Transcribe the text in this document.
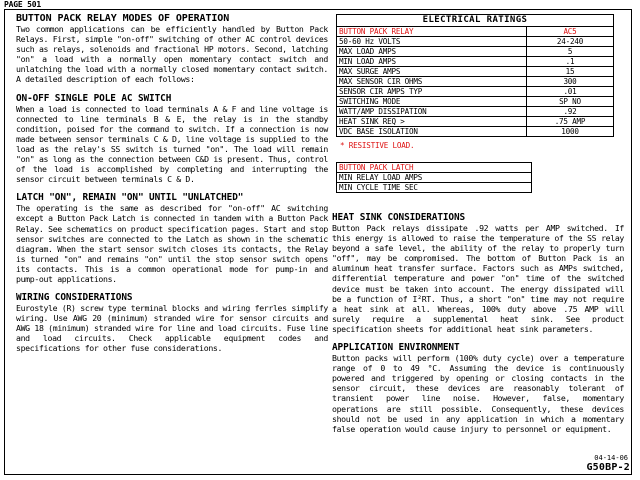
PAGE 501

BUTTON PACK RELAY MODES OF OPERATION

Two common applications can be efficiently handled by Button Pack Relays. First, simple "on-off" switching of other AC control devices such as relays, solenoids and fractional HP motors. Second, latching "on" a load with a normally open momentary contact switch and unlatching the load with a normally closed momentary contact switch. A detailed description of each follows:

ON-OFF SINGLE POLE AC SWITCH

When a load is connected to load terminals A & F and line voltage is connected to line terminals B & E, the relay is in the standby condition, poised for the command to switch. If a connection is now made between sensor terminals C & D, line voltage is supplied to the load as the relay's SS switch is turned "on". The load will remain "on" as long as the connection between C&D is present. Thus, control of the load is accomplished by completing and interrupting the sensor circuit between terminals C & D.

LATCH "ON", REMAIN "ON" UNTIL "UNLATCHED"

The operating is the same as described for "on-off" AC switching except a Button Pack Latch is connected in tandem with a Button Pack Relay. See schematics on product specification pages. Start and stop sensor switches are connected to the Latch as shown in the schematic diagram. When the start sensor switch closes its contacts, the Relay is turned "on" and remains "on" until the stop sensor switch opens its contacts. This is a common operational mode for pump-in and pump-out applications.

WIRING CONSIDERATIONS

Eurostyle (R) screw type terminal blocks and wiring ferrles simplify wiring. Use AWG 20 (minimum) stranded wire for sensor circuits and AWG 18 (minimum) stranded wire for line and load circuits. Fuse line and load circuits. Check applicable equipment codes and specifications for other fuse considerations.

ELECTRICAL RATINGS	
BUTTON PACK RELAY	AC5
50-60 Hz VOLTS	24-240
MAX LOAD AMPS	5
MIN LOAD AMPS	.1
MAX SURGE AMPS	15
MAX SENSOR CIR OHMS	300
SENSOR CIR AMPS TYP	.01
SWITCHING MODE	SP NO
WATT/AMP DISSIPATION	.92
HEAT SINK REQ >	.75 AMP
VDC BASE ISOLATION	1000
* RESISTIVE LOAD.
BUTTON PACK LATCH
MIN RELAY LOAD AMPS
MIN CYCLE TIME SEC

HEAT SINK CONSIDERATIONS

Button Pack relays dissipate .92 watts per AMP switched. If this energy is allowed to raise the temperature of the SS relay beyond a safe level, the ability of the relay to properly turn "off", may be compromised. The bottom of Button Pack is an aluminum heat transfer surface. Factors such as AMPs switched, differential temperature and power "on" time of the switched device must be taken into account. The energy dissipated will be a function of I²RT. Thus, a short "on" time may not require a heat sink at all. Whereas, 100% duty above .75 AMP will surely require a supplemental heat sink. See product specification sheets for additional heat sink parameters.

APPLICATION ENVIRONMENT

Button packs will perform (100% duty cycle) over a temperature range of 0 to 49 °C. Assuming the device is continuously powered and triggered by opening or closing contacts in the sensor circuit, these devices are reasonably tolerant of transient power line noise. However, false, momentary operations are still possible. Consequently, these devices should not be used in any application in which a momentary false operation would cause injury to personnel or equipment.

04-14-06
G50BP-2
